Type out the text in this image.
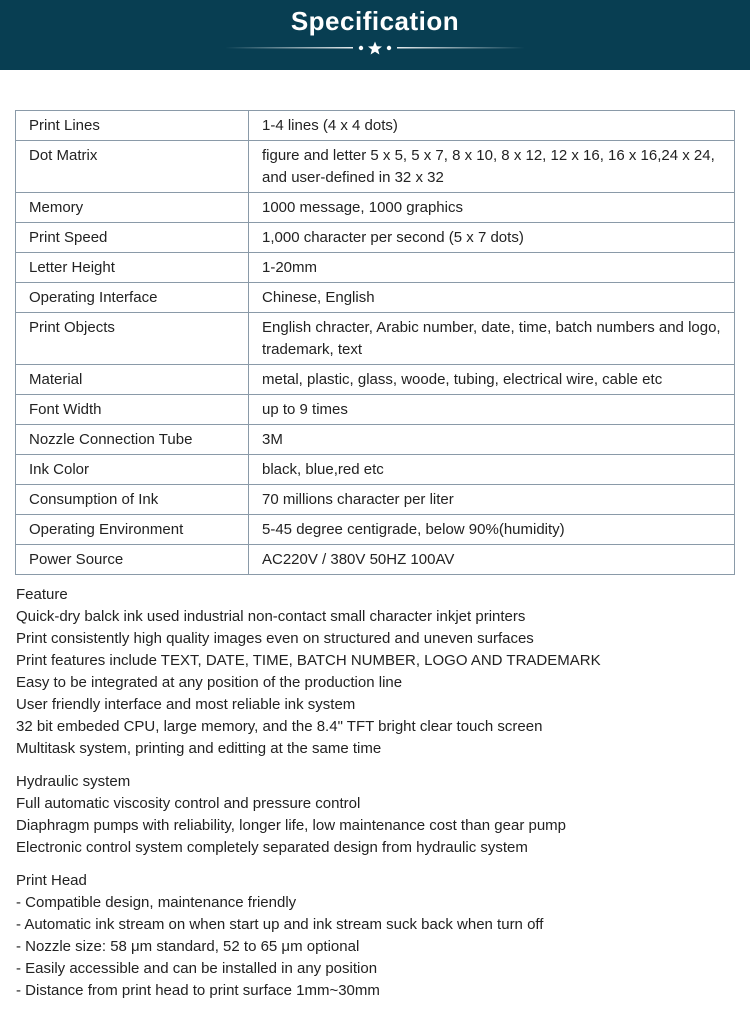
Specification
Print Lines	1-4 lines (4 x 4 dots)
Dot Matrix	figure and letter 5 x 5, 5 x 7, 8 x 10, 8 x 12, 12 x 16, 16 x 16,24 x 24, and user-defined in 32 x 32
Memory	1000 message, 1000 graphics
Print Speed	1,000 character per second (5 x 7 dots)
Letter Height	1-20mm
Operating Interface	Chinese, English
Print Objects	English chracter, Arabic number, date, time, batch numbers and logo, trademark, text
Material	metal, plastic, glass, woode, tubing, electrical wire, cable etc
Font Width	up to 9 times
Nozzle Connection Tube	3M
Ink Color	black, blue,red etc
Consumption of Ink	70 millions character per liter
Operating Environment	5-45 degree centigrade, below 90%(humidity)
Power Source	AC220V / 380V 50HZ 100AV
Feature
Quick-dry balck ink used industrial non-contact small character inkjet printers
Print consistently high quality images even on structured and uneven surfaces
Print features include TEXT, DATE, TIME, BATCH NUMBER, LOGO AND TRADEMARK
Easy to be integrated at any position of the production line
User friendly interface and most reliable ink system
32 bit embeded CPU, large memory, and the 8.4" TFT bright clear touch screen
Multitask system, printing and editting at the same time
Hydraulic system
Full automatic viscosity control and pressure control
Diaphragm pumps with reliability, longer life, low maintenance cost than gear pump
Electronic control system completely separated design from hydraulic system
Print Head
- Compatible design, maintenance friendly
- Automatic ink stream on when start up and ink stream suck back when turn off
- Nozzle size: 58 μm standard, 52 to 65 μm optional
- Easily accessible and can be installed in any position
- Distance from print head to print surface 1mm~30mm
